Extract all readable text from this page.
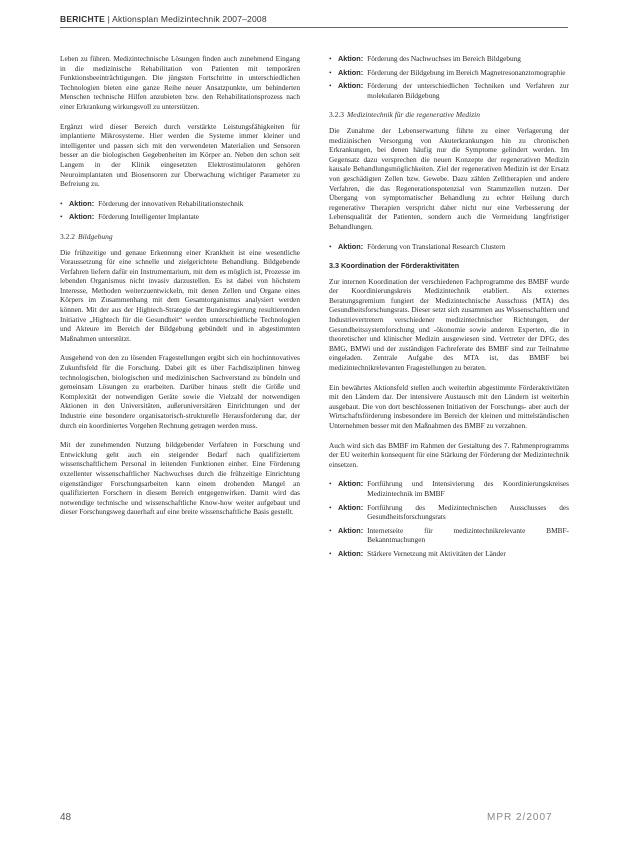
BERICHTE | Aktionsplan Medizintechnik 2007–2008

Leben zu führen. Medizintechnische Lösungen finden auch zunehmend Eingang in die medizinische Rehabilitation von Patienten mit temporären Funktionsbeeinträchtigungen. Die jüngsten Fortschritte in unterschiedlichen Technologien bieten eine ganze Reihe neuer Ansatzpunkte, um behinderten Menschen technische Hilfen anzubieten bzw. den Rehabilitationsprozess nach einer Erkrankung wirkungsvoll zu unterstützen.

Ergänzt wird dieser Bereich durch verstärkte Leistungsfähigkeiten für implantierte Mikrosysteme. Hier werden die Systeme immer kleiner und intelligenter und passen sich mit den verwendeten Materialien und Sensoren besser an die biologischen Gegebenheiten im Körper an. Neben den schon seit Langem in der Klinik eingesetzten Elektrostimulatoren gehören Neuroimplantaten und Biosensoren zur Überwachung wichtiger Parameter zu Befreiung zu.

• Aktion: Förderung der innovativen Rehabilitationstechnik
• Aktion: Förderung Intelligenter Implantate
3.2.2 Bildgebung

Die frühzeitige und genaue Erkennung einer Krankheit ist eine wesentliche Voraussetzung für eine schnelle und zielgerichtete Behandlung. Bildgebende Verfahren liefern dafür ein Instrumentarium, mit dem es möglich ist, Prozesse im lebenden Organismus nicht invasiv darzustellen. Es ist dabei von höchstem Interesse, Methoden weiterzuentwickeln, mit denen Zellen und Organe eines Körpers im Zusammenhang mit dem Gesamtorganismus analysiert werden können. Mit der aus der Hightech-Strategie der Bundesregierung resultierenden Initiative „Hightech für die Gesundheit“ werden unterschiedliche Technologien und Akteure im Bereich der Bildgebung gebündelt und in abgestimmten Maßnahmen unterstützt.

Ausgehend von den zu lösenden Fragestellungen ergibt sich ein hochinnovatives Zukunftsfeld für die Forschung. Dabei gilt es über Fachdisziplinen hinweg technologischen, biologischen und medizinischen Sachverstand zu bündeln und gemeinsam Lösungen zu erarbeiten. Darüber hinaus stellt die Größe und Komplexität der notwendigen Geräte sowie die Vielzahl der notwendigen Aktionen in den Universitäten, außeruniversitären Einrichtungen und der Industrie eine besondere organisatorisch-strukturelle Herausforderung dar, der durch ein koordiniertes Vorgehen Rechnung getragen werden muss.

Mit der zunehmenden Nutzung bildgebender Verfahren in Forschung und Entwicklung geht auch ein steigender Bedarf nach qualifiziertem wissenschaftlichem Personal in leitenden Funktionen einher. Eine Förderung exzellenter wissenschaftlicher Nachwuchses durch die frühzeitige Einrichtung eigenständiger Forschungsarbeiten kann einem drohenden Mangel an qualifizierten Forschern in diesem Bereich entgegenwirken. Damit wird das notwendige technische und wissenschaftliche Know-how weiter aufgebaut und dieser Forschungsweg dauerhaft auf eine breite wissenschaftliche Basis gestellt.

• Aktion: Förderung des Nachwuchses im Bereich Bildgebung
• Aktion: Förderung der Bildgebung im Bereich Magnetresonanztomographie
• Aktion: Förderung der unterschiedlichen Techniken und Verfahren zur molekularen Bildgebung
3.2.3 Medizintechnik für die regenerative Medizin

Die Zunahme der Lebenserwartung führte zu einer Verlagerung der medizinischen Versorgung von Akuterkrankungen hin zu chronischen Erkrankungen, bei denen häufig nur die Symptome gelindert werden. Im Gegensatz dazu versprechen die neuen Konzepte der regenerativen Medizin kausale Behandlungsmöglichkeiten. Ziel der regenerativen Medizin ist der Ersatz von geschädigten Zellen bzw. Gewebe. Dazu zählen Zelltherapien und andere Verfahren, die das Regenerationspotenzial von Stammzellen nutzen. Der Übergang von symptomatischer Behandlung zu echter Heilung durch regenerative Therapien verspricht daher nicht nur eine Verbesserung der Lebensqualität der Patienten, sondern auch die Vermeidung langfristiger Behandlungen.

• Aktion: Förderung von Translational Research Clustern
3.3 Koordination der Förderaktivitäten

Zur internen Koordination der verschiedenen Fachprogramme des BMBF wurde der Koordinierungskreis Medizintechnik etabliert. Als externes Beratungsgremium fungiert der Medizintechnische Ausschuss (MTA) des Gesundheitsforschungsrats. Dieser setzt sich zusammen aus Wissenschaftlern und Industrievertretern verschiedener medizintechnischer Richtungen, der Gesundheitssystemforschung und -ökonomie sowie anderen Experten, die in theoretischer und klinischer Medizin ausgewiesen sind. Vertreter der DFG, des BMG, BMWi und der zuständigen Fachreferate des BMBF sind zur Teilnahme eingeladen. Zentrale Aufgabe des MTA ist, das BMBF bei medizintechnikrelevanten Fragestellungen zu beraten.

Ein bewährtes Aktionsfeld stellen auch weiterhin abgestimmte Förderaktivitäten mit den Ländern dar. Der intensivere Austausch mit den Ländern ist weiterhin ausgebaut. Die von dort beschlossenen Initiativen der Forschungs- aber auch der Wirtschaftsförderung insbesondere im Bereich der kleinen und mittelständischen Unternehmen besser mit den Maßnahmen des BMBF zu verzahnen.

Auch wird sich das BMBF im Rahmen der Gestaltung des 7. Rahmenprogramms der EU weiterhin konsequent für eine Stärkung der Förderung der Medizintechnik einsetzen.

• Aktion: Fortführung und Intensivierung des Koordinierungskreises Medizintechnik im BMBF
• Aktion: Fortführung des Medizintechnischen Ausschusses des Gesundheitsforschungsrats
• Aktion: Internetseite für medizintechnikrelevante BMBF-Bekanntmachungen
• Aktion: Stärkere Vernetzung mit Aktivitäten der Länder
48	MPR 2/2007
